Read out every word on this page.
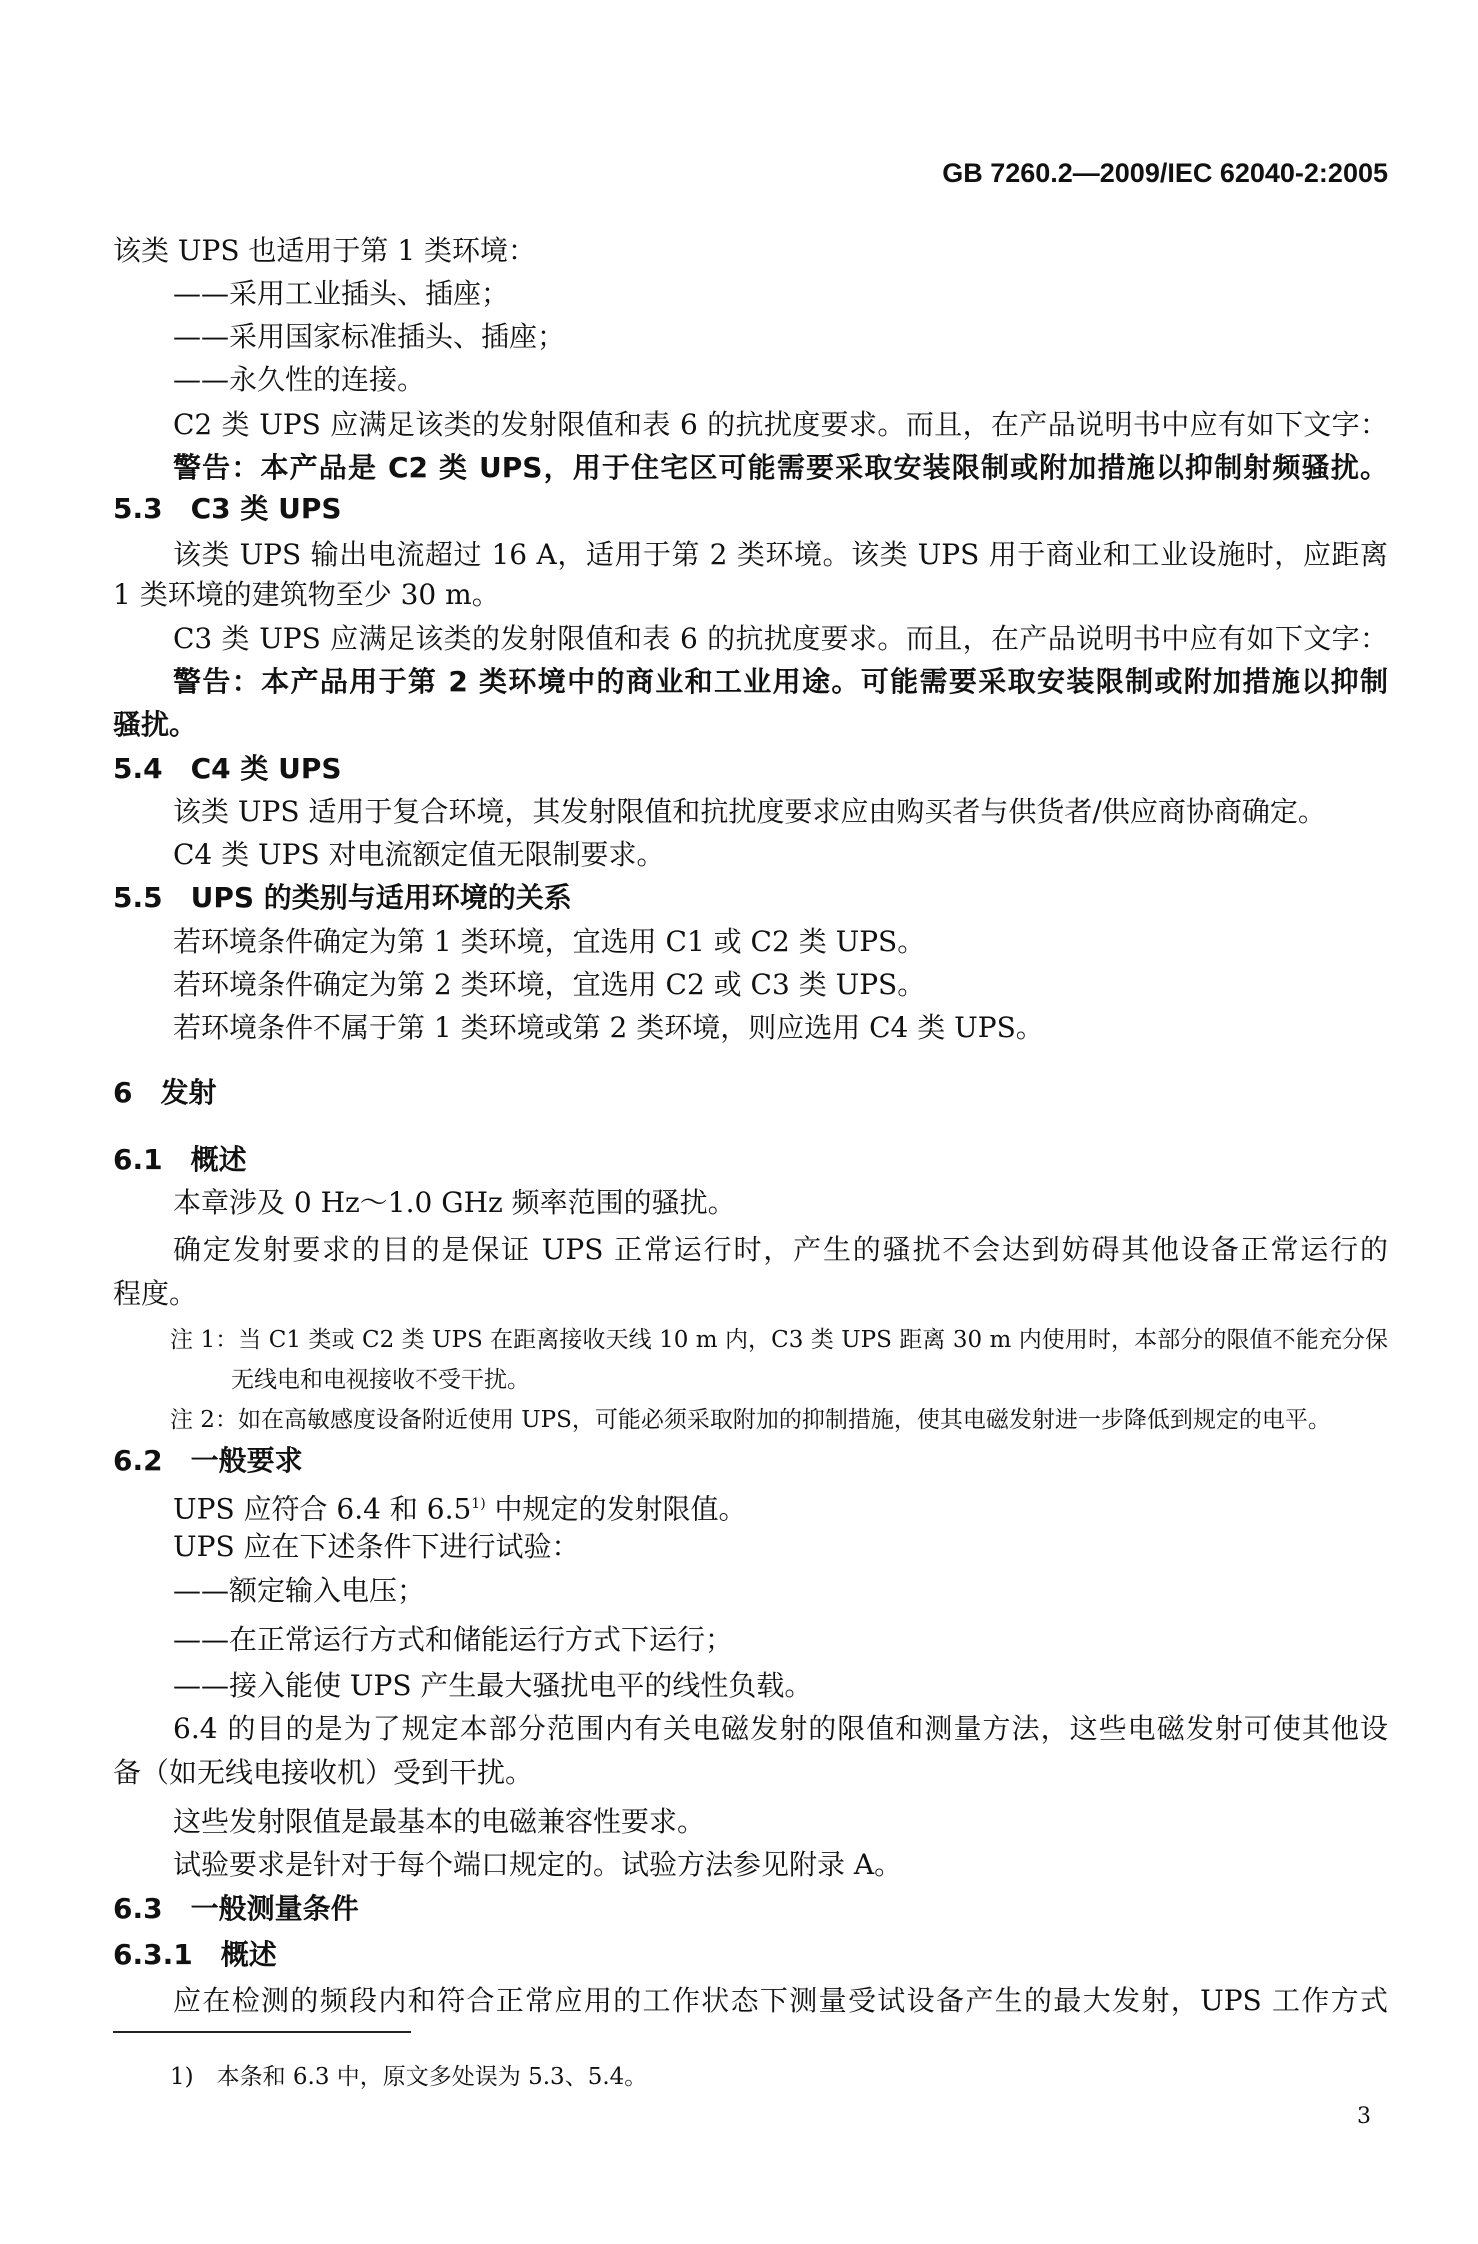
GB 7260.2—2009/IEC 62040-2:2005
该类 UPS 也适用于第 1 类环境：
——采用工业插头、插座；
——采用国家标准插头、插座；
——永久性的连接。
C2 类 UPS 应满足该类的发射限值和表 6 的抗扰度要求。而且，在产品说明书中应有如下文字：
警告：本产品是 C2 类 UPS，用于住宅区可能需要采取安装限制或附加措施以抑制射频骚扰。
5.3　C3 类 UPS
该类 UPS 输出电流超过 16 A，适用于第 2 类环境。该类 UPS 用于商业和工业设施时，应距离
1 类环境的建筑物至少 30 m。
C3 类 UPS 应满足该类的发射限值和表 6 的抗扰度要求。而且，在产品说明书中应有如下文字：
警告：本产品用于第 2 类环境中的商业和工业用途。可能需要采取安装限制或附加措施以抑制
骚扰。
5.4　C4 类 UPS
该类 UPS 适用于复合环境，其发射限值和抗扰度要求应由购买者与供货者/供应商协商确定。
C4 类 UPS 对电流额定值无限制要求。
5.5　UPS 的类别与适用环境的关系
若环境条件确定为第 1 类环境，宜选用 C1 或 C2 类 UPS。
若环境条件确定为第 2 类环境，宜选用 C2 或 C3 类 UPS。
若环境条件不属于第 1 类环境或第 2 类环境，则应选用 C4 类 UPS。
6　发射
6.1　概述
本章涉及 0 Hz～1.0 GHz 频率范围的骚扰。
确定发射要求的目的是保证 UPS 正常运行时，产生的骚扰不会达到妨碍其他设备正常运行的
程度。
注 1：当 C1 类或 C2 类 UPS 在距离接收天线 10 m 内，C3 类 UPS 距离 30 m 内使用时，本部分的限值不能充分保
无线电和电视接收不受干扰。
注 2：如在高敏感度设备附近使用 UPS，可能必须采取附加的抑制措施，使其电磁发射进一步降低到规定的电平。
6.2　一般要求
UPS 应符合 6.4 和 6.5$^{1)}$ 中规定的发射限值。
UPS 应在下述条件下进行试验：
——额定输入电压；
——在正常运行方式和储能运行方式下运行；
——接入能使 UPS 产生最大骚扰电平的线性负载。
6.4 的目的是为了规定本部分范围内有关电磁发射的限值和测量方法，这些电磁发射可使其他设
备（如无线电接收机）受到干扰。
这些发射限值是最基本的电磁兼容性要求。
试验要求是针对于每个端口规定的。试验方法参见附录 A。
6.3　一般测量条件
6.3.1　概述
应在检测的频段内和符合正常应用的工作状态下测量受试设备产生的最大发射，UPS 工作方式
1)　本条和 6.3 中，原文多处误为 5.3、5.4。
3
